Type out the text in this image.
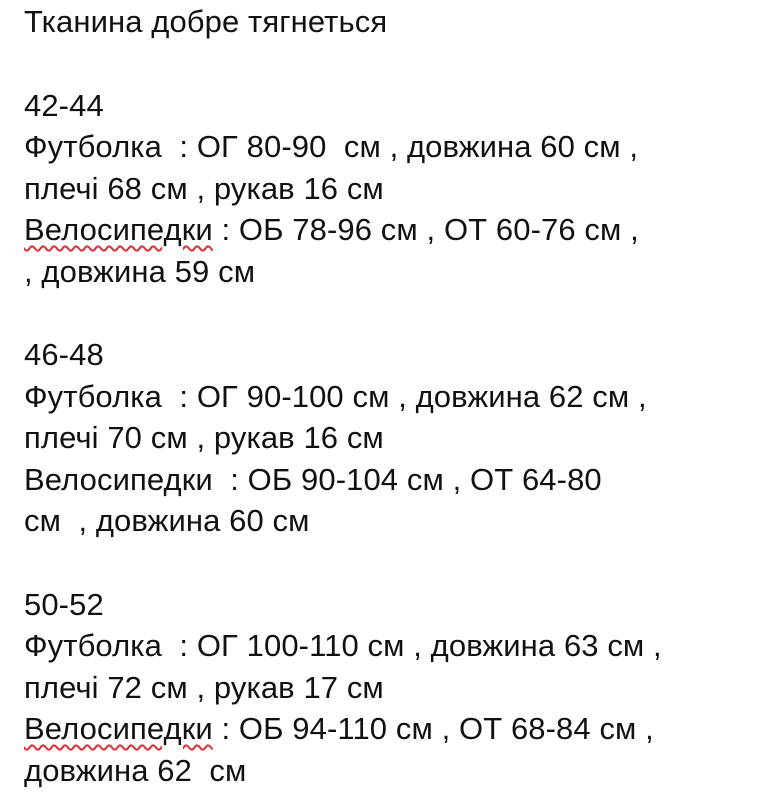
Тканина добре тягнеться
42-44
Футболка  : ОГ 80-90  см , довжина 60 см ,
плечі 68 см , рукав 16 см
Велосипедки : ОБ 78-96 см , ОТ 60-76 см ,
, довжина 59 см
46-48
Футболка  : ОГ 90-100 см , довжина 62 см ,
плечі 70 см , рукав 16 см
Велосипедки  : ОБ 90-104 см , ОТ 64-80
см  , довжина 60 см
50-52
Футболка  : ОГ 100-110 см , довжина 63 см ,
плечі 72 см , рукав 17 см
Велосипедки : ОБ 94-110 см , ОТ 68-84 см ,
довжина 62  см
